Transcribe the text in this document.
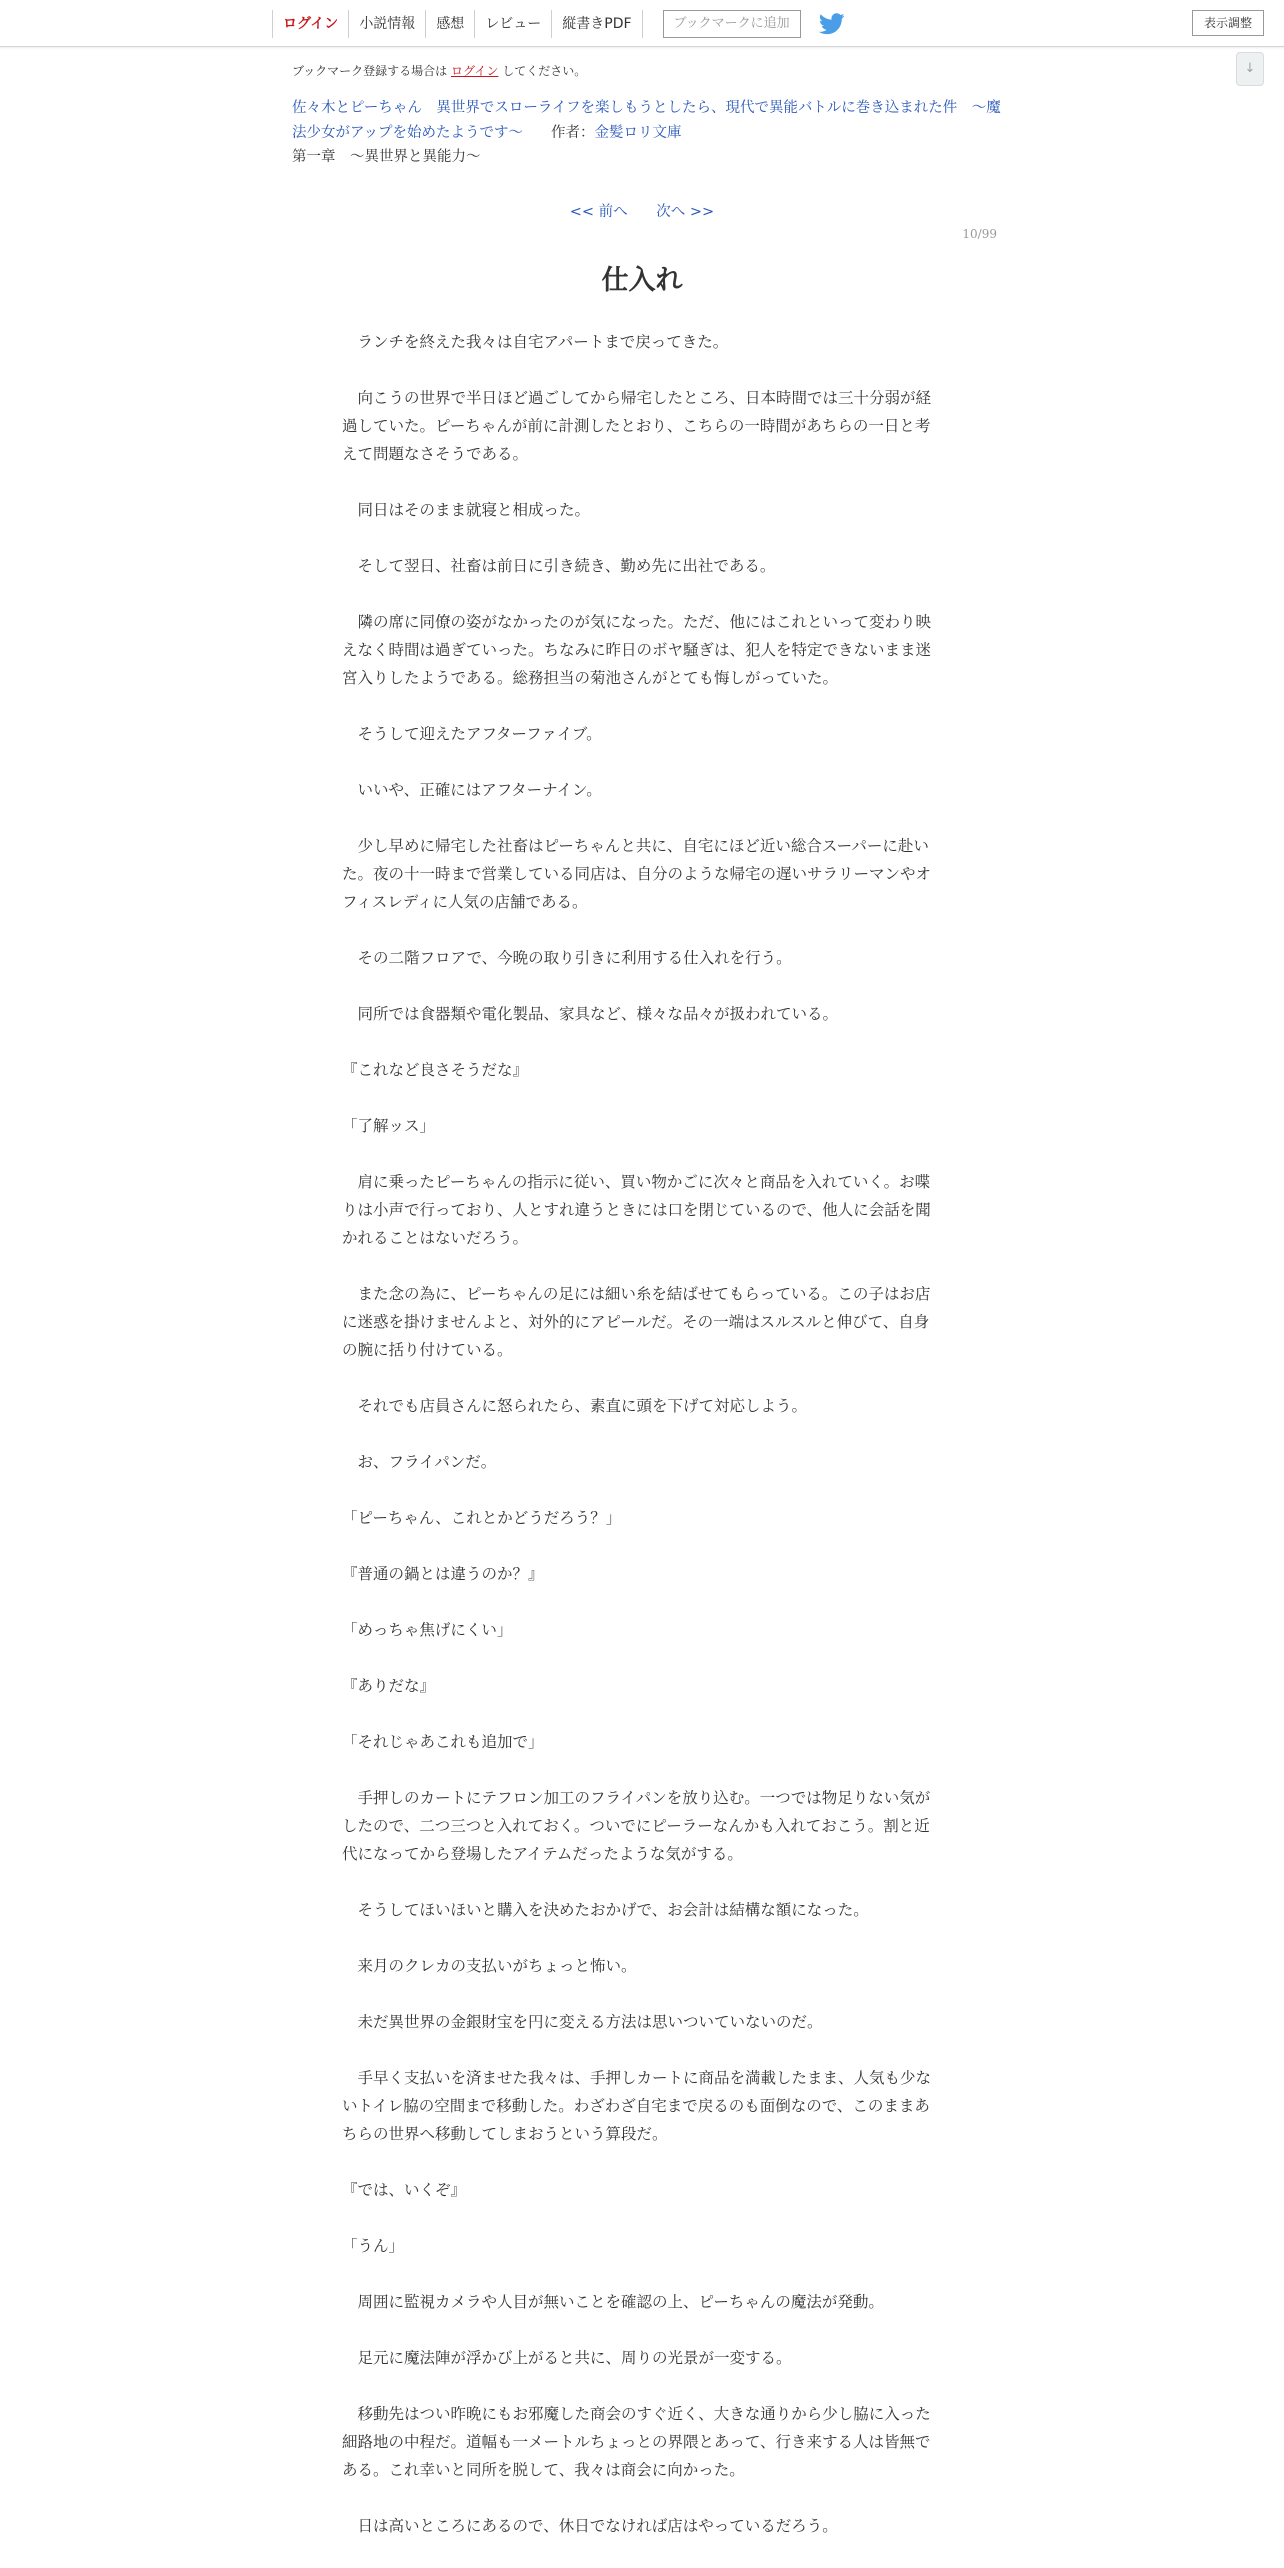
ログイン	小説情報	感想	レビュー	縦書きPDF	ブックマークに追加	表示調整
↓
ブックマーク登録する場合は ログイン してください。
佐々木とピーちゃん　異世界でスローライフを楽しもうとしたら、現代で異能バトルに巻き込まれた件　～魔法少女がアップを始めたようです～ 作者：金髪ロリ文庫
第一章　～異世界と異能力～
<< 前へ 次へ >>
10/99
仕入れ

　ランチを終えた我々は自宅アパートまで戻ってきた。

　向こうの世界で半日ほど過ごしてから帰宅したところ、日本時間では三十分弱が経過していた。ピーちゃんが前に計測したとおり、こちらの一時間があちらの一日と考えて問題なさそうである。

　同日はそのまま就寝と相成った。

　そして翌日、社畜は前日に引き続き、勤め先に出社である。

　隣の席に同僚の姿がなかったのが気になった。ただ、他にはこれといって変わり映えなく時間は過ぎていった。ちなみに昨日のボヤ騒ぎは、犯人を特定できないまま迷宮入りしたようである。総務担当の菊池さんがとても悔しがっていた。

　そうして迎えたアフターファイブ。

　いいや、正確にはアフターナイン。

　少し早めに帰宅した社畜はピーちゃんと共に、自宅にほど近い総合スーパーに赴いた。夜の十一時まで営業している同店は、自分のような帰宅の遅いサラリーマンやオフィスレディに人気の店舗である。

　その二階フロアで、今晩の取り引きに利用する仕入れを行う。

　同所では食器類や電化製品、家具など、様々な品々が扱われている。

『これなど良さそうだな』

「了解ッス」

　肩に乗ったピーちゃんの指示に従い、買い物かごに次々と商品を入れていく。お喋りは小声で行っており、人とすれ違うときには口を閉じているので、他人に会話を聞かれることはないだろう。

　また念の為に、ピーちゃんの足には細い糸を結ばせてもらっている。この子はお店に迷惑を掛けませんよと、対外的にアピールだ。その一端はスルスルと伸びて、自身の腕に括り付けている。

　それでも店員さんに怒られたら、素直に頭を下げて対応しよう。

　お、フライパンだ。

「ピーちゃん、これとかどうだろう？」

『普通の鍋とは違うのか？』

「めっちゃ焦げにくい」

『ありだな』

「それじゃあこれも追加で」

　手押しのカートにテフロン加工のフライパンを放り込む。一つでは物足りない気がしたので、二つ三つと入れておく。ついでにピーラーなんかも入れておこう。割と近代になってから登場したアイテムだったような気がする。

　そうしてほいほいと購入を決めたおかげで、お会計は結構な額になった。

　来月のクレカの支払いがちょっと怖い。

　未だ異世界の金銀財宝を円に変える方法は思いついていないのだ。

　手早く支払いを済ませた我々は、手押しカートに商品を満載したまま、人気も少ないトイレ脇の空間まで移動した。わざわざ自宅まで戻るのも面倒なので、このままあちらの世界へ移動してしまおうという算段だ。

『では、いくぞ』

「うん」

　周囲に監視カメラや人目が無いことを確認の上、ピーちゃんの魔法が発動。

　足元に魔法陣が浮かび上がると共に、周りの光景が一変する。

　移動先はつい昨晩にもお邪魔した商会のすぐ近く、大きな通りから少し脇に入った細路地の中程だ。道幅も一メートルちょっとの界隈とあって、行き来する人は皆無である。これ幸いと同所を脱して、我々は商会に向かった。

　日は高いところにあるので、休日でなければ店はやっているだろう。
